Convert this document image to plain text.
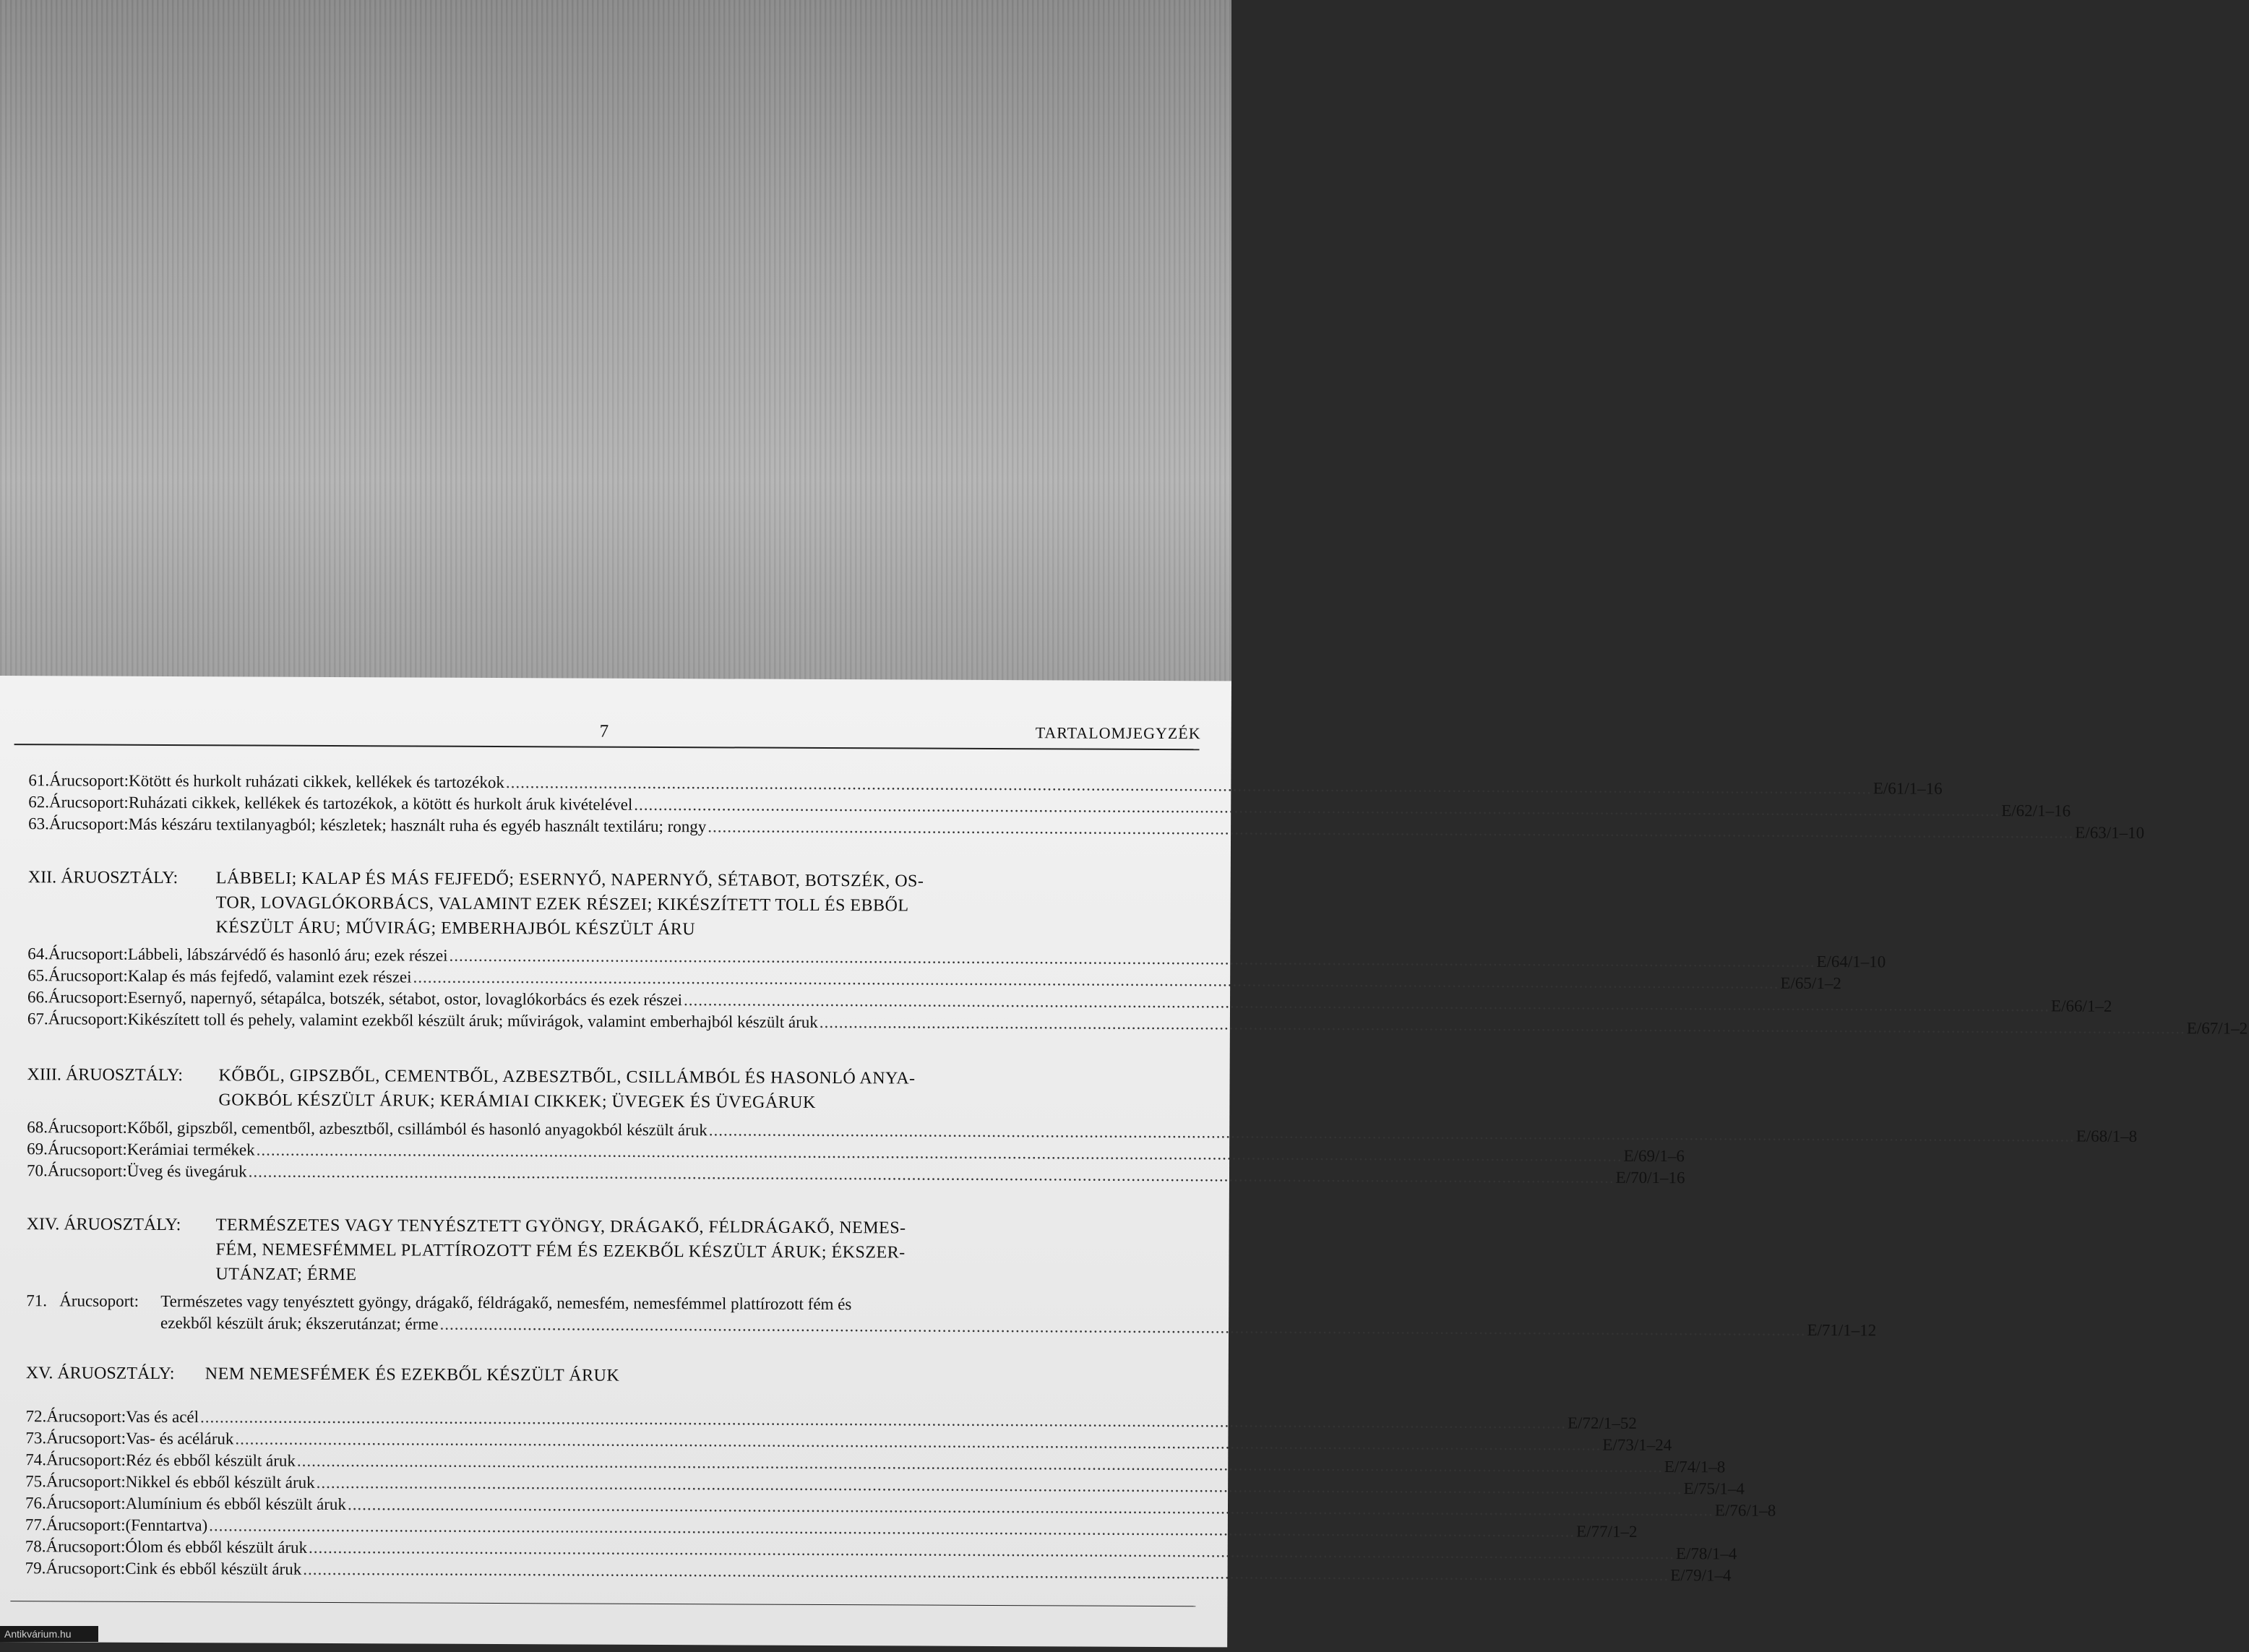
7	TARTALOMJEGYZÉK
61. Árucsoport: Kötött és hurkolt ruházati cikkek, kellékek és tartozékok .....	E/61/1–16
62. Árucsoport: Ruházati cikkek, kellékek és tartozékok, a kötött és hurkolt áruk kivételével .....	E/62/1–16
63. Árucsoport: Más készáru textilanyagból; készletek; használt ruha és egyéb használt textiláru; rongy .....	E/63/1–10
XII. ÁRUOSZTÁLY: LÁBBELI; KALAP ÉS MÁS FEJFEDŐ; ESERNYŐ, NAPERNYŐ, SÉTABOT, BOTSZÉK, OS-
TOR, LOVAGLÓKORBÁCS, VALAMINT EZEK RÉSZEI; KIKÉSZÍTETT TOLL ÉS EBBŐL
KÉSZÜLT ÁRU; MŰVIRÁG; EMBERHAJBÓL KÉSZÜLT ÁRU
64. Árucsoport: Lábbeli, lábszárvédő és hasonló áru; ezek részei .....	E/64/1–10
65. Árucsoport: Kalap és más fejfedő, valamint ezek részei .....	E/65/1–2
66. Árucsoport: Esernyő, napernyő, sétapálca, botszék, sétabot, ostor, lovaglókorbács és ezek részei .....	E/66/1–2
67. Árucsoport: Kikészített toll és pehely, valamint ezekből készült áruk; művirágok, valamint emberhajból készült áruk .....	E/67/1–2
XIII. ÁRUOSZTÁLY: KŐBŐL, GIPSZBŐL, CEMENTBŐL, AZBESZTBŐL, CSILLÁMBÓL ÉS HASONLÓ ANYA-
GOKBÓL KÉSZÜLT ÁRUK; KERÁMIAI CIKKEK; ÜVEGEK ÉS ÜVEGÁRUK
68. Árucsoport: Kőből, gipszből, cementből, azbesztből, csillámból és hasonló anyagokból készült áruk .....	E/68/1–8
69. Árucsoport: Kerámiai termékek .....	E/69/1–6
70. Árucsoport: Üveg és üvegáruk .....	E/70/1–16
XIV. ÁRUOSZTÁLY: TERMÉSZETES VAGY TENYÉSZTETT GYÖNGY, DRÁGAKŐ, FÉLDRÁGAKŐ, NEMES-
FÉM, NEMESFÉMMEL PLATTÍROZOTT FÉM ÉS EZEKBŐL KÉSZÜLT ÁRUK; ÉKSZER-
UTÁNZAT; ÉRME
71. Árucsoport:	Természetes vagy tenyésztett gyöngy, drágakő, féldrágakő, nemesfém, nemesfémmel plattírozott fém és
ezekből készült áruk; ékszerutánzat; érme .....	E/71/1–12
XV. ÁRUOSZTÁLY: NEM NEMESFÉMEK ÉS EZEKBŐL KÉSZÜLT ÁRUK
72. Árucsoport: Vas és acél .....	E/72/1–52
73. Árucsoport: Vas- és acéláruk .....	E/73/1–24
74. Árucsoport: Réz és ebből készült áruk .....	E/74/1–8
75. Árucsoport: Nikkel és ebből készült áruk .....	E/75/1–4
76. Árucsoport: Alumínium és ebből készült áruk .....	E/76/1–8
77. Árucsoport: (Fenntartva) .....	E/77/1–2
78. Árucsoport: Ólom és ebből készült áruk .....	E/78/1–4
79. Árucsoport: Cink és ebből készült áruk .....	E/79/1–4
Antikvárium.hu
